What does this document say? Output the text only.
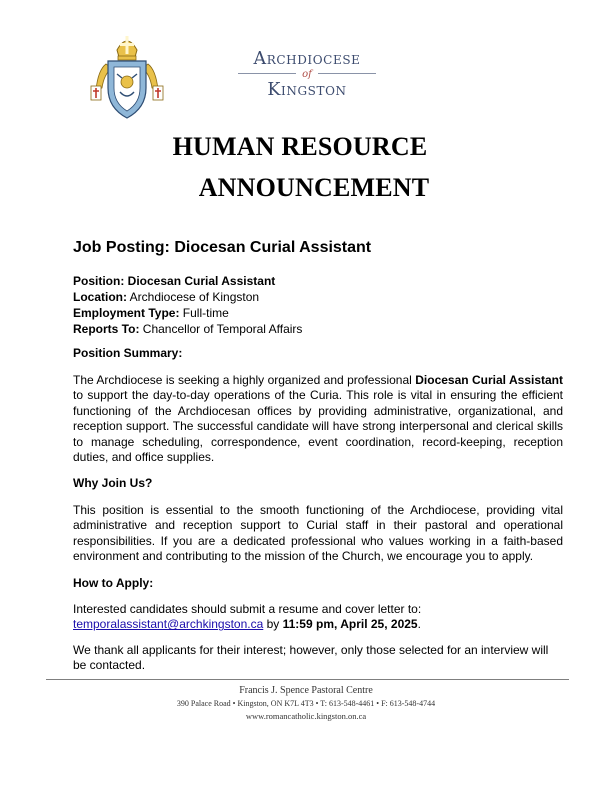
Archdiocese
of
Kingston
HUMAN RESOURCE
ANNOUNCEMENT
Job Posting: Diocesan Curial Assistant
Position: Diocesan Curial Assistant
Location: Archdiocese of Kingston
Employment Type: Full-time
Reports To: Chancellor of Temporal Affairs
Position Summary:
The Archdiocese is seeking a highly organized and professional Diocesan Curial Assistant to support the day-to-day operations of the Curia. This role is vital in ensuring the efficient functioning of the Archdiocesan offices by providing administrative, organizational, and reception support. The successful candidate will have strong interpersonal and clerical skills to manage scheduling, correspondence, event coordination, record-keeping, reception duties, and office supplies.
Why Join Us?
This position is essential to the smooth functioning of the Archdiocese, providing vital administrative and reception support to Curial staff in their pastoral and operational responsibilities. If you are a dedicated professional who values working in a faith-based environment and contributing to the mission of the Church, we encourage you to apply.
How to Apply:
Interested candidates should submit a resume and cover letter to:
temporalassistant@archkingston.ca by 11:59 pm, April 25, 2025.
We thank all applicants for their interest; however, only those selected for an interview will be contacted.
Francis J. Spence Pastoral Centre
390 Palace Road • Kingston, ON K7L 4T3 • T: 613-548-4461 • F: 613-548-4744
www.romancatholic.kingston.on.ca
